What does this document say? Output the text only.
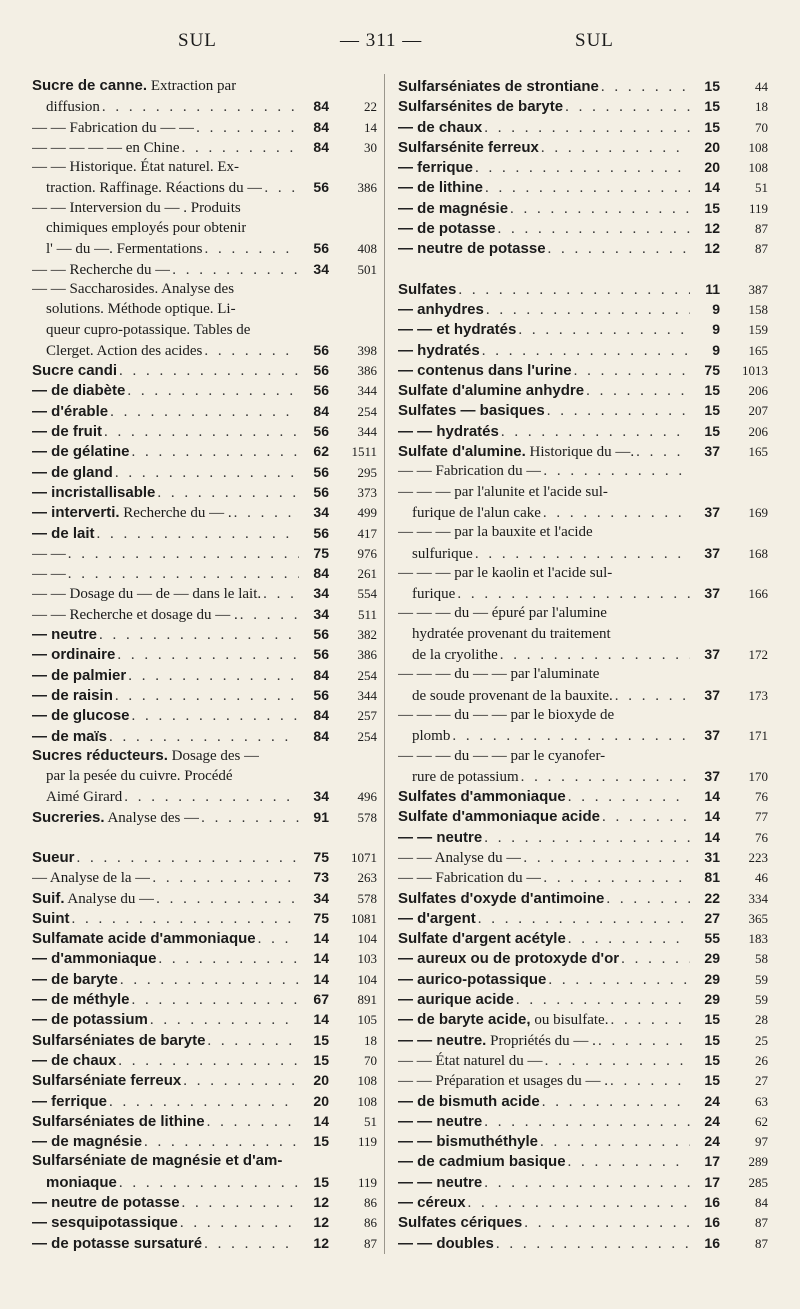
SUL	— 311 —	SUL
Sucre de canne. Extraction par
diffusion . . .	84	22
— — Fabrication du — — . . .	84	14
— — — — — en Chine . . .	84	30
— — Historique. État naturel. Ex-
traction. Raffinage. Réactions du — . . .	56	386
— — Interversion du — . Produits
chimiques employés pour obtenir
l' — du —. Fermentations . . .	56	408
— — Recherche du — . . .	34	501
— — Saccharosides. Analyse des
solutions. Méthode optique. Li-
queur cupro-potassique. Tables de
Clerget. Action des acides . . .	56	398
Sucre candi . . .	56	386
— de diabète . . .	56	344
— d'érable . . .	84	254
— de fruit . . .	56	344
— de gélatine . . .	62	1511
— de gland . . .	56	295
— incristallisable . . .	56	373
— interverti. Recherche du — . . . .	34	499
— de lait . . .	56	417
— — . . .	75	976
— — . . .	84	261
— — Dosage du — de — dans le lait. . . .	34	554
— — Recherche et dosage du — . . . .	34	511
— neutre . . .	56	382
— ordinaire . . .	56	386
— de palmier . . .	84	254
— de raisin . . .	56	344
— de glucose . . .	84	257
— de maïs . . .	84	254
Sucres réducteurs. Dosage des —
par la pesée du cuivre. Procédé
Aimé Girard . . .	34	496
Sucreries. Analyse des — . . .	91	578
Sueur . . .	75	1071
— Analyse de la — . . .	73	263
Suif. Analyse du — . . .	34	578
Suint . . .	75	1081
Sulfamate acide d'ammoniaque . . .	14	104
— d'ammoniaque . . .	14	103
— de baryte . . .	14	104
— de méthyle . . .	67	891
— de potassium . . .	14	105
Sulfarséniates de baryte . . .	15	18
— de chaux . . .	15	70
Sulfarséniate ferreux . . .	20	108
— ferrique . . .	20	108
Sulfarséniates de lithine . . .	14	51
— de magnésie . . .	15	119
Sulfarséniate de magnésie et d'am-
moniaque . . .	15	119
— neutre de potasse . . .	12	86
— sesquipotassique . . .	12	86
— de potasse sursaturé . . .	12	87
Sulfarséniates de strontiane . . .	15	44
Sulfarsénites de baryte . . .	15	18
— de chaux . . .	15	70
Sulfarsénite ferreux . . .	20	108
— ferrique . . .	20	108
— de lithine . . .	14	51
— de magnésie . . .	15	119
— de potasse . . .	12	87
— neutre de potasse . . .	12	87
Sulfates . . .	11	387
— anhydres . . .	9	158
— — et hydratés . . .	9	159
— hydratés . . .	9	165
— contenus dans l'urine . . .	75	1013
Sulfate d'alumine anhydre . . .	15	206
Sulfates — basiques . . .	15	207
— — hydratés . . .	15	206
Sulfate d'alumine. Historique du —. . . .	37	165
— — Fabrication du —
. . .
— — — par l'alunite et l'acide sul-
furique de l'alun cake . . .	37	169
— — — par la bauxite et l'acide
sulfurique . . .	37	168
— — — par le kaolin et l'acide sul-
furique . . .	37	166
— — — du — épuré par l'alumine
hydratée provenant du traitement
de la cryolithe . . .	37	172
— — — du — — par l'aluminate
de soude provenant de la bauxite. . . .	37	173
— — — du — — par le bioxyde de
plomb . . .	37	171
— — — du — — par le cyanofer-
rure de potassium . . .	37	170
Sulfates d'ammoniaque . . .	14	76
Sulfate d'ammoniaque acide . . .	14	77
— — neutre . . .	14	76
— — Analyse du — . . .	31	223
— — Fabrication du — . . .	81	46
Sulfates d'oxyde d'antimoine . . .	22	334
— d'argent . . .	27	365
Sulfate d'argent acétyle . . .	55	183
— aureux ou de protoxyde d'or . . .	29	58
— aurico-potassique . . .	29	59
— aurique acide . . .	29	59
— de baryte acide, ou bisulfate. . . .	15	28
— — neutre. Propriétés du — . . . .	15	25
— — État naturel du — . . .	15	26
— — Préparation et usages du — . . . .	15	27
— de bismuth acide . . .	24	63
— — neutre . . .	24	62
— — bismuthéthyle . . .	24	97
— de cadmium basique . . .	17	289
— — neutre . . .	17	285
— céreux . . .	16	84
Sulfates cériques . . .	16	87
— — doubles . . .	16	87
